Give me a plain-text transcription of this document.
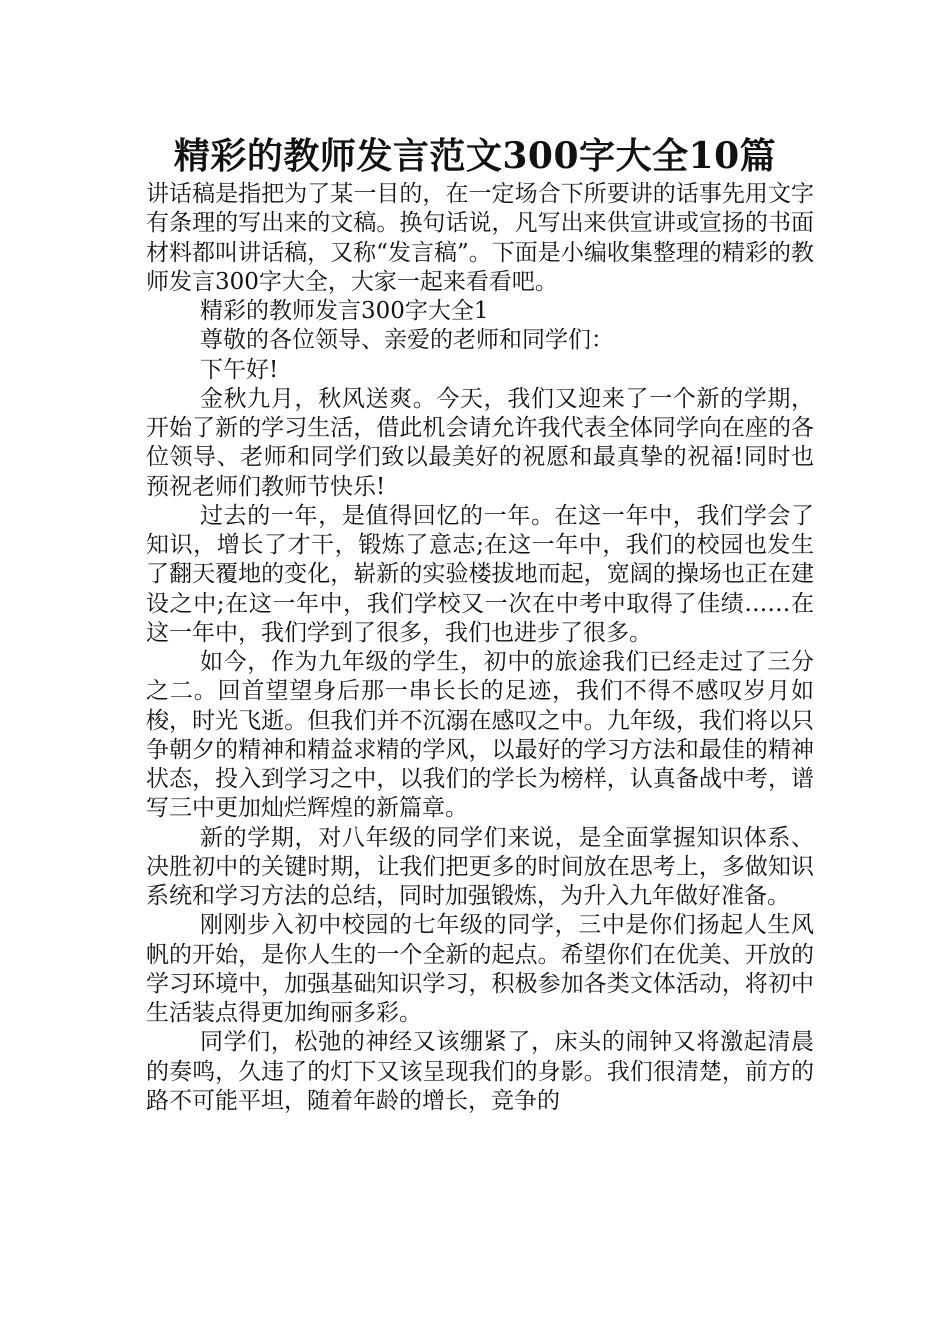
精彩的教师发言范文300字大全10篇

讲话稿是指把为了某一目的，在一定场合下所要讲的话事先用文字有条理的写出来的文稿。换句话说，凡写出来供宣讲或宣扬的书面材料都叫讲话稿，又称“发言稿”。下面是小编收集整理的精彩的教师发言300字大全，大家一起来看看吧。

精彩的教师发言300字大全1

尊敬的各位领导、亲爱的老师和同学们：

下午好!

金秋九月，秋风送爽。今天，我们又迎来了一个新的学期，开始了新的学习生活，借此机会请允许我代表全体同学向在座的各位领导、老师和同学们致以最美好的祝愿和最真挚的祝福!同时也预祝老师们教师节快乐!

过去的一年，是值得回忆的一年。在这一年中，我们学会了知识，增长了才干，锻炼了意志;在这一年中，我们的校园也发生了翻天覆地的变化，崭新的实验楼拔地而起，宽阔的操场也正在建设之中;在这一年中，我们学校又一次在中考中取得了佳绩……在这一年中，我们学到了很多，我们也进步了很多。

如今，作为九年级的学生，初中的旅途我们已经走过了三分之二。回首望望身后那一串长长的足迹，我们不得不感叹岁月如梭，时光飞逝。但我们并不沉溺在感叹之中。九年级，我们将以只争朝夕的精神和精益求精的学风，以最好的学习方法和最佳的精神状态，投入到学习之中，以我们的学长为榜样，认真备战中考，谱写三中更加灿烂辉煌的新篇章。

新的学期，对八年级的同学们来说，是全面掌握知识体系、决胜初中的关键时期，让我们把更多的时间放在思考上，多做知识系统和学习方法的总结，同时加强锻炼，为升入九年做好准备。

刚刚步入初中校园的七年级的同学，三中是你们扬起人生风帆的开始，是你人生的一个全新的起点。希望你们在优美、开放的学习环境中，加强基础知识学习，积极参加各类文体活动，将初中生活装点得更加绚丽多彩。

同学们，松弛的神经又该绷紧了，床头的闹钟又将激起清晨的奏鸣，久违了的灯下又该呈现我们的身影。我们很清楚，前方的路不可能平坦，随着年龄的增长，竞争的
